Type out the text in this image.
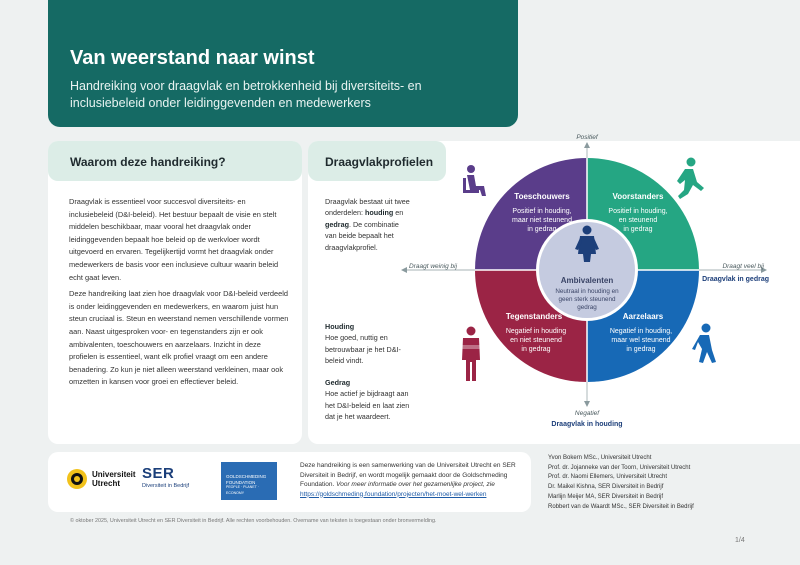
Van weerstand naar winst
Handreiking voor draagvlak en betrokkenheid bij diversiteits- en inclusiebeleid onder leidinggevenden en medewerkers
Waarom deze handreiking?

Draagvlak is essentieel voor succesvol diversiteits- en inclusiebeleid (D&I-beleid). Het bestuur bepaalt de visie en stelt middelen beschikbaar, maar vooral het draagvlak onder leidinggevenden bepaalt hoe beleid op de werkvloer wordt uitgevoerd en ervaren. Tegelijkertijd vormt het draagvlak onder medewerkers de basis voor een inclusieve cultuur waarin beleid echt gaat leven.

Deze handreiking laat zien hoe draagvlak voor D&I-beleid verdeeld is onder leidinggevenden en medewerkers, en waarom juist hun steun cruciaal is. Steun en weerstand nemen verschillende vormen aan. Naast uitgesproken voor- en tegenstanders zijn er ook ambivalenten, toeschouwers en aarzelaars. Inzicht in deze profielen is essentieel, want elk profiel vraagt om een andere benadering. Zo kun je niet alleen weerstand verkleinen, maar ook omzetten in kansen voor groei en effectiever beleid.

Draagvlakprofielen
Draagvlak bestaat uit twee onderdelen: houding en gedrag. De combinatie van beide bepaalt het draagvlakprofiel.
Houding
Hoe goed, nuttig en betrouwbaar je het D&I-beleid vindt.
Gedrag
Hoe actief je bijdraagt aan het D&I-beleid en laat zien dat je het waardeert.
Toeschouwers
Positief in houding,
maar niet steunend
in gedrag
Voorstanders
Positief in houding,
en steunend
in gedrag
Tegenstanders
Negatief in houding
en niet steunend
in gedrag
Aarzelaars
Negatief in houding,
maar wel steunend
in gedrag
Ambivalenten
Neutraal in houding en
geen sterk steunend
gedrag
Positief
Negatief
Draagt weinig bij	Draagt veel bij
Draagvlak in houding
Draagvlak in gedrag
Universiteit
Utrecht
SER
Diversiteit in Bedrijf
GOLDSCHMEDING
FOUNDATION
PEOPLE · PLANET · ECONOMY
Deze handreiking is een samenwerking van de Universiteit Utrecht en SER Diversiteit in Bedrijf, en wordt mogelijk gemaakt door de Goldschmeding Foundation. Voor meer informatie over het gezamenlijke project, zie
https://goldschmeding.foundation/projecten/het-moet-wel-werken
Yvon Bokern MSc., Universiteit Utrecht
Prof. dr. Jojanneke van der Toorn, Universiteit Utrecht
Prof. dr. Naomi Ellemers, Universiteit Utrecht
Dr. Maikel Kishna, SER Diversiteit in Bedrijf
Marlijn Meijer MA, SER Diversiteit in Bedrijf
Robbert van de Waardt MSc., SER Diversiteit in Bedrijf
© oktober 2025, Universiteit Utrecht en SER Diversiteit in Bedrijf. Alle rechten voorbehouden. Overname van teksten is toegestaan onder bronvermelding.
1/4
